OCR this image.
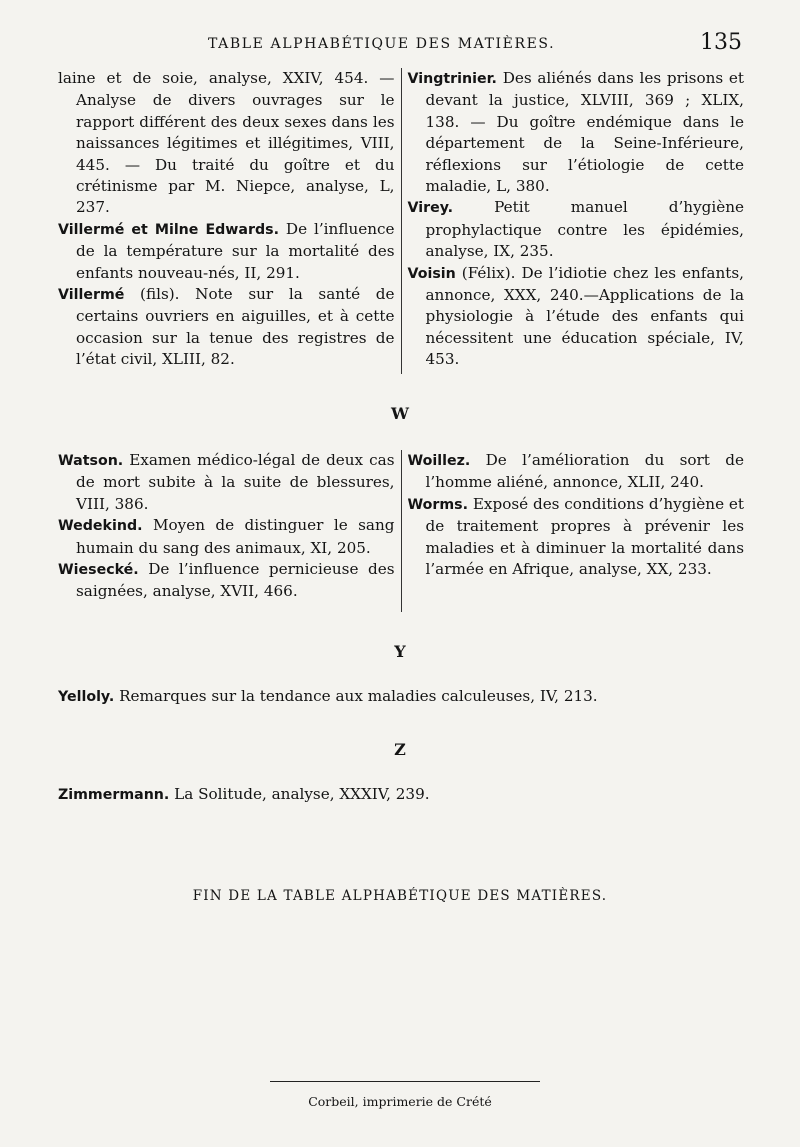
TABLE ALPHABÉTIQUE DES MATIÈRES.	135

laine et de soie, analyse, XXIV, 454. — Analyse de divers ouvrages sur le rapport différent des deux sexes dans les naissances légitimes et illégitimes, VIII, 445. — Du traité du goître et du crétinisme par M. Niepce, analyse, L, 237.

Villermé et Milne Edwards. De l’influence de la température sur la mortalité des enfants nouveau-nés, II, 291.

Villermé (fils). Note sur la santé de certains ouvriers en aiguilles, et à cette occasion sur la tenue des registres de l’état civil, XLIII, 82.

Vingtrinier. Des aliénés dans les prisons et devant la justice, XLVIII, 369 ; XLIX, 138. — Du goître endémique dans le département de la Seine-Inférieure, réflexions sur l’étiologie de cette maladie, L, 380.

Virey.	Petit manuel d’hygiène prophylactique contre les épidémies, analyse, IX, 235.

Voisin (Félix). De l’idiotie chez les enfants, annonce, XXX, 240.—Applications de la physiologie à l’étude des enfants qui nécessitent une éducation spéciale, IV, 453.

W

Watson. Examen médico-légal de deux cas de mort subite à la suite de blessures, VIII, 386.

Wedekind. Moyen de distinguer le sang humain du sang des animaux, XI, 205.

Wiesecké. De l’influence pernicieuse des saignées, analyse, XVII, 466.

Woillez. De l’amélioration du sort de l’homme aliéné, annonce, XLII, 240.

Worms. Exposé des conditions d’hygiène et de traitement propres à prévenir les maladies et à diminuer la mortalité dans l’armée en Afrique, analyse, XX, 233.

Y

Yelloly. Remarques sur la tendance aux maladies calculeuses, IV, 213.

Z

Zimmermann. La Solitude, analyse, XXXIV, 239.

FIN DE LA TABLE ALPHABÉTIQUE DES MATIÈRES.
Corbeil, imprimerie de Crété
